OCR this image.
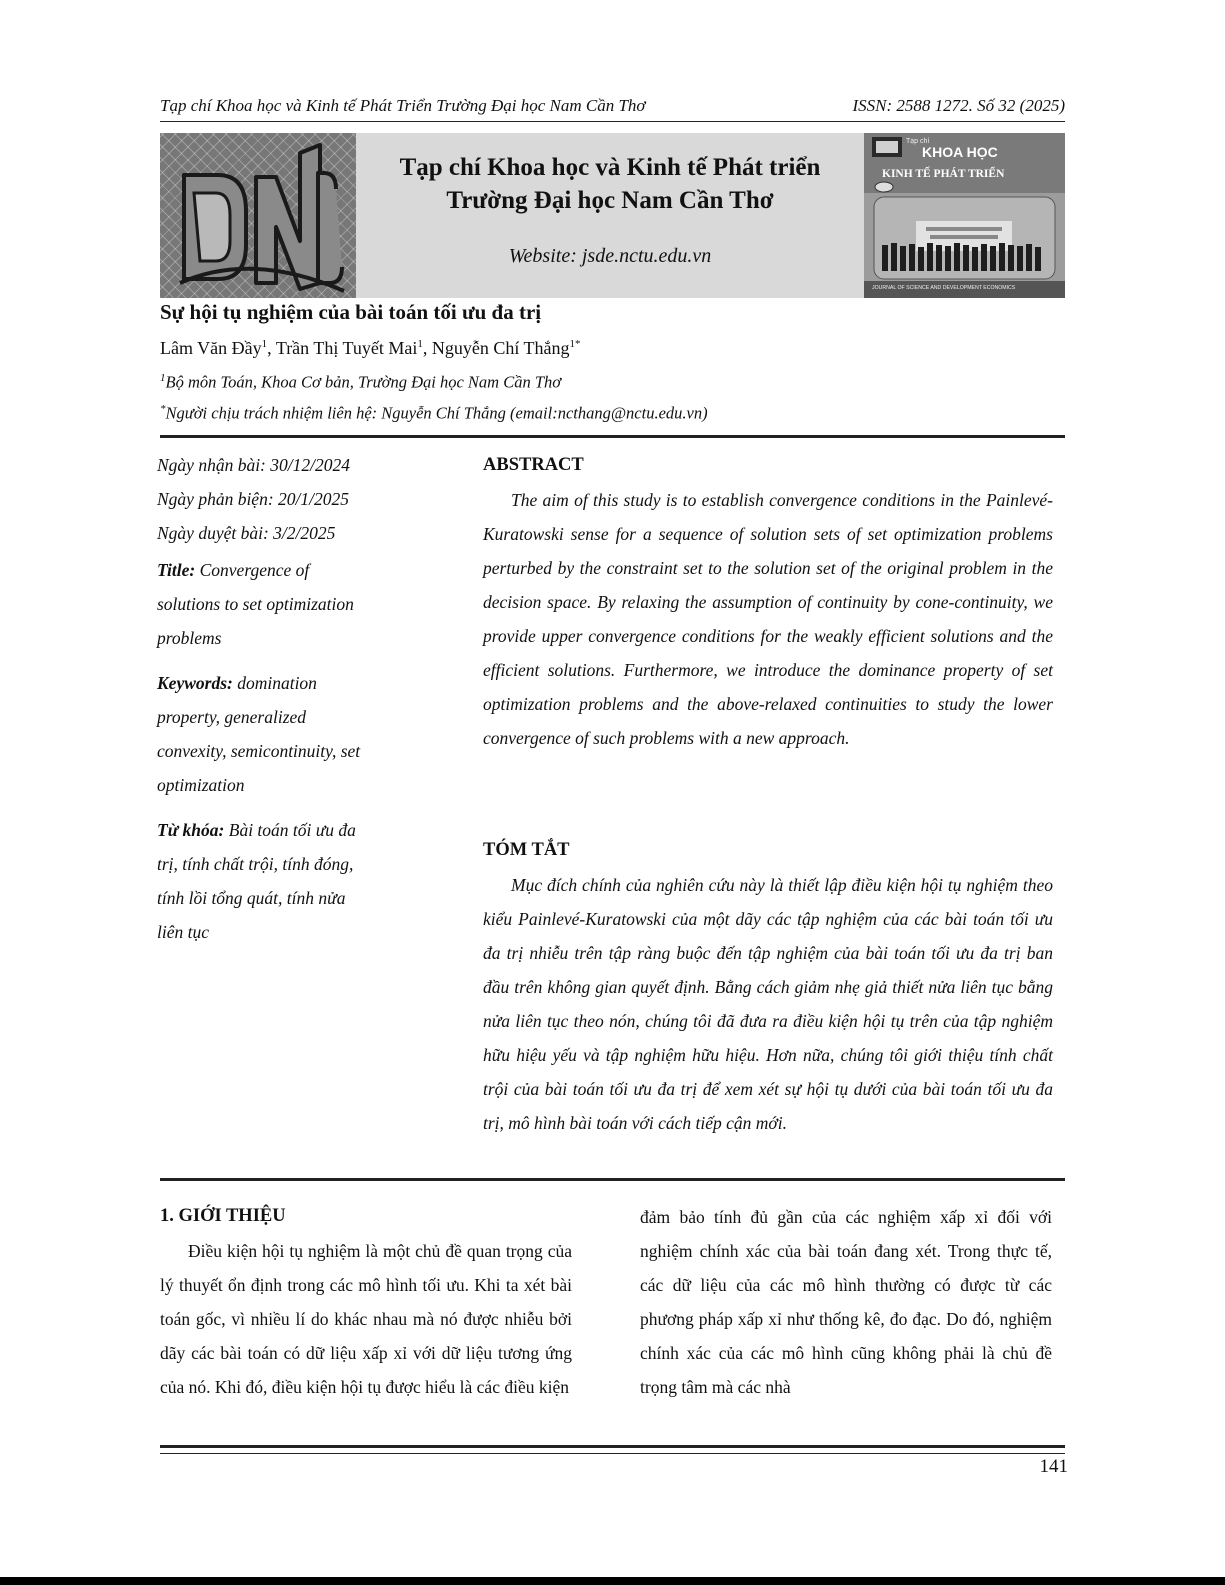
Tạp chí Khoa học và Kinh tế Phát Triển Trường Đại học Nam Cần Thơ	ISSN: 2588 1272. Số 32 (2025)
Tạp chí Khoa học và Kinh tế Phát triển
Trường Đại học Nam Cần Thơ
Website: jsde.nctu.edu.vn
Tạp chí
KHOA HỌC
KINH TẾ PHÁT TRIỂN
JOURNAL OF SCIENCE AND DEVELOPMENT ECONOMICS
Sự hội tụ nghiệm của bài toán tối ưu đa trị
Lâm Văn Đầy$^1$, Trần Thị Tuyết Mai$^1$, Nguyễn Chí Thắng$^{1*}$
$^1$Bộ môn Toán, Khoa Cơ bản, Trường Đại học Nam Cần Thơ
*Người chịu trách nhiệm liên hệ: Nguyễn Chí Thắng (email:ncthang@nctu.edu.vn)
Ngày nhận bài: 30/12/2024
Ngày phản biện: 20/1/2025
Ngày duyệt bài: 3/2/2025
Title: Convergence of
solutions to set optimization
problems
Keywords: domination
property, generalized
convexity, semicontinuity, set
optimization
Từ khóa: Bài toán tối ưu đa
trị, tính chất trội, tính đóng,
tính lồi tổng quát, tính nửa
liên tục
ABSTRACT
The aim of this study is to establish convergence conditions in the Painlevé-Kuratowski sense for a sequence of solution sets of set optimization problems perturbed by the constraint set to the solution set of the original problem in the decision space. By relaxing the assumption of continuity by cone-continuity, we provide upper convergence conditions for the weakly efficient solutions and the efficient solutions. Furthermore, we introduce the dominance property of set optimization problems and the above-relaxed continuities to study the lower convergence of such problems with a new approach.
TÓM TẮT
Mục đích chính của nghiên cứu này là thiết lập điều kiện hội tụ nghiệm theo kiểu Painlevé-Kuratowski của một dãy các tập nghiệm của các bài toán tối ưu đa trị nhiễu trên tập ràng buộc đến tập nghiệm của bài toán tối ưu đa trị ban đầu trên không gian quyết định. Bằng cách giảm nhẹ giả thiết nửa liên tục bằng nửa liên tục theo nón, chúng tôi đã đưa ra điều kiện hội tụ trên của tập nghiệm hữu hiệu yếu và tập nghiệm hữu hiệu. Hơn nữa, chúng tôi giới thiệu tính chất trội của bài toán tối ưu đa trị để xem xét sự hội tụ dưới của bài toán tối ưu đa trị, mô hình bài toán với cách tiếp cận mới.
1. GIỚI THIỆU
Điều kiện hội tụ nghiệm là một chủ đề quan trọng của lý thuyết ổn định trong các mô hình tối ưu. Khi ta xét bài toán gốc, vì nhiều lí do khác nhau mà nó được nhiễu bởi dãy các bài toán có dữ liệu xấp xỉ với dữ liệu tương ứng của nó. Khi đó, điều kiện hội tụ được hiểu là các điều kiện
đảm bảo tính đủ gần của các nghiệm xấp xỉ đối với nghiệm chính xác của bài toán đang xét. Trong thực tế, các dữ liệu của các mô hình thường có được từ các phương pháp xấp xỉ như thống kê, đo đạc. Do đó, nghiệm chính xác của các mô hình cũng không phải là chủ đề trọng tâm mà các nhà
141
